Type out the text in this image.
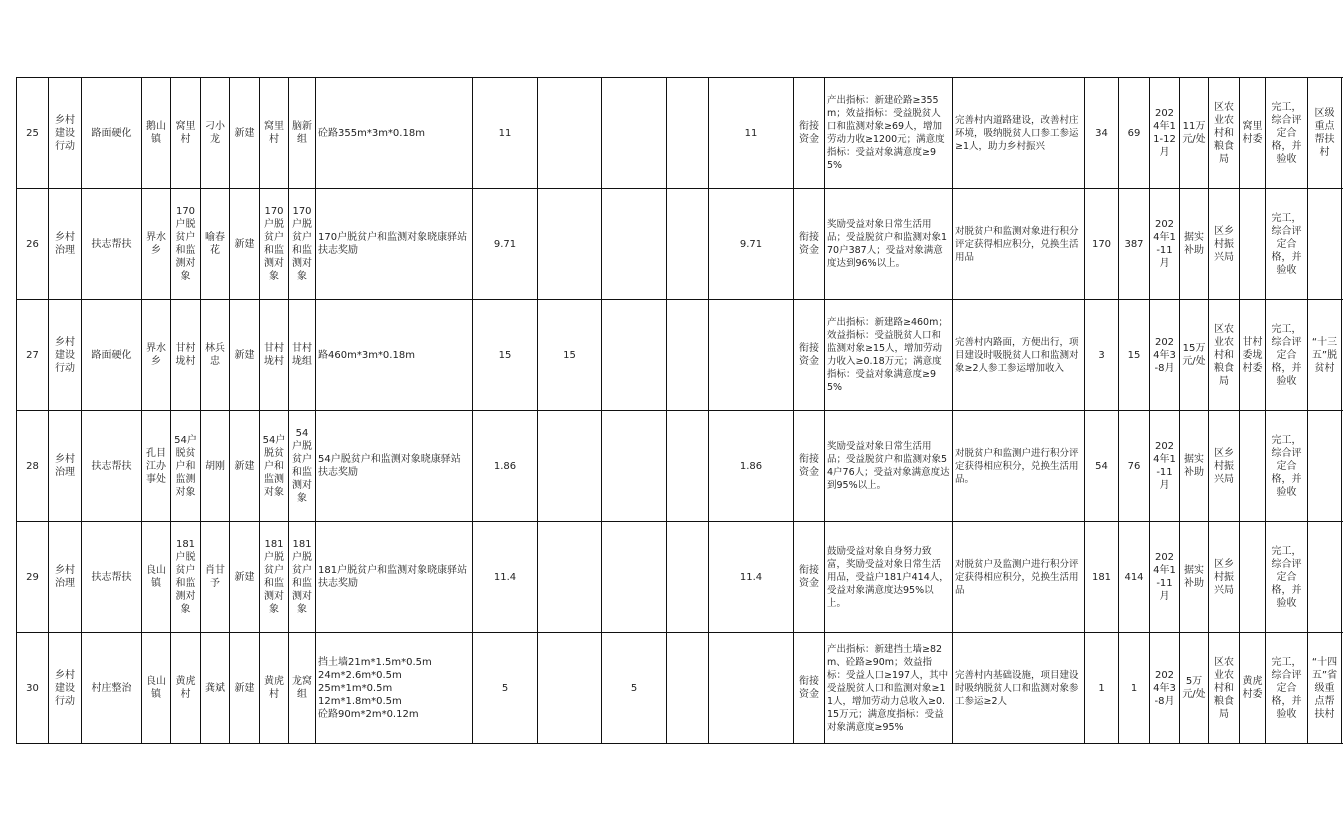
25	乡村建设行动	路面硬化	鹅山镇	窝里村	刁小龙	新建	窝里村	脑新组	砼路355m*3m*0.18m	11				11	衔接资金	产出指标：新建砼路≥355m；效益指标：受益脱贫人口和监测对象≥69人，增加劳动力收≥1200元；满意度指标：受益对象满意度≥95%	完善村内道路建设，改善村庄环境，吸纳脱贫人口参工参运≥1人，助力乡村振兴	34	69	2024年11-12月	11万元/处	区农业农村和粮食局	窝里村委	完工，综合评定合格，并验收	区级重点帮扶村	
26	乡村治理	扶志帮扶	界水乡	170户脱贫户和监测对象	喻春花	新建	170户脱贫户和监测对象	170户脱贫户和监测对象	170户脱贫户和监测对象晓康驿站扶志奖励	9.71				9.71	衔接资金	奖励受益对象日常生活用品；受益脱贫户和监测对象170户387人；受益对象满意度达到96%以上。	对脱贫户和监测对象进行积分评定获得相应积分，兑换生活用品	170	387	2024年1-11月	据实补助	区乡村振兴局		完工，综合评定合格，并验收		
27	乡村建设行动	路面硬化	界水乡	甘村垅村	林兵忠	新建	甘村垅村	甘村垅组	路460m*3m*0.18m	15	15				衔接资金	产出指标：新建路≥460m；效益指标：受益脱贫人口和监测对象≥15人，增加劳动力收入≥0.18万元；满意度指标：受益对象满意度≥95%	完善村内路面，方便出行，项目建设时吸脱贫人口和监测对象≥2人参工参运增加收入	3	15	2024年3-8月	15万元/处	区农业农村和粮食局	甘村委垅村委	完工，综合评定合格，并验收	“十三五”脱贫村	
28	乡村治理	扶志帮扶	孔目江办事处	54户脱贫户和监测对象	胡刚	新建	54户脱贫户和监测对象	54户脱贫户和监测对象	54户脱贫户和监测对象晓康驿站扶志奖励	1.86				1.86	衔接资金	奖励受益对象日常生活用品；受益脱贫户和监测对象54户76人；受益对象满意度达到95%以上。	对脱贫户和监测户进行积分评定获得相应积分，兑换生活用品。	54	76	2024年1-11月	据实补助	区乡村振兴局		完工，综合评定合格，并验收		
29	乡村治理	扶志帮扶	良山镇	181户脱贫户和监测对象	肖甘予	新建	181户脱贫户和监测对象	181户脱贫户和监测对象	181户脱贫户和监测对象晓康驿站扶志奖励	11.4				11.4	衔接资金	鼓励受益对象自身努力致富，奖励受益对象日常生活用品，受益户181户414人，受益对象满意度达95%以上。	对脱贫户及监测户进行积分评定获得相应积分，兑换生活用品	181	414	2024年1-11月	据实补助	区乡村振兴局		完工，综合评定合格，并验收		
30	乡村建设行动	村庄整治	良山镇	黄虎村	龚斌	新建	黄虎村	龙窝组	挡土墙21m*1.5m*0.5m
24m*2.6m*0.5m
25m*1m*0.5m
12m*1.8m*0.5m
砼路90m*2m*0.12m	5		5			衔接资金	产出指标：新建挡土墙≥82m、砼路≥90m；效益指标：受益人口≥197人，其中受益脱贫人口和监测对象≥11人，增加劳动力总收入≥0.15万元；满意度指标：受益对象满意度≥95%	完善村内基础设施，项目建设时吸纳脱贫人口和监测对象参工参运≥2人	1	1	2024年3-8月	5万元/处	区农业农村和粮食局	黄虎村委	完工，综合评定合格，并验收	“十四五”省级重点帮扶村	
